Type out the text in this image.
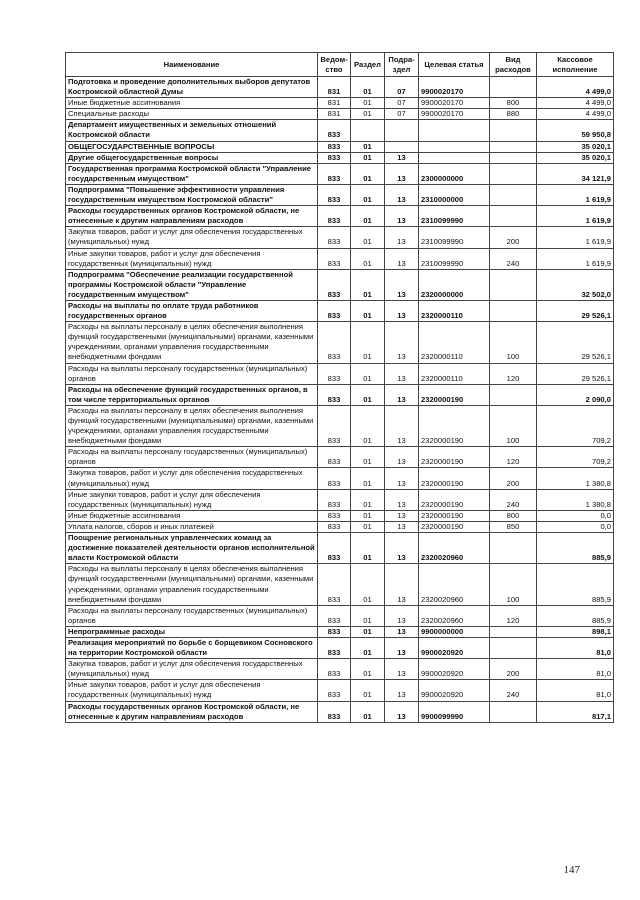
Наименование	Ведом-ство	Раздел	Подра-здел	Целевая статья	Вид расходов	Кассовое исполнение
Подготовка и проведение дополнительных выборов депутатов Костромской областной Думы	831	01	07	9900020170		4 499,0
Иные бюджетные ассигнования	831	01	07	9900020170	800	4 499,0
Специальные расходы	831	01	07	9900020170	880	4 499,0
Департамент имущественных и земельных отношений Костромской области	833					59 950,8
ОБЩЕГОСУДАРСТВЕННЫЕ ВОПРОСЫ	833	01				35 020,1
Другие общегосударственные вопросы	833	01	13			35 020,1
Государственная программа Костромской области "Управление государственным имуществом"	833	01	13	2300000000		34 121,9
Подпрограмма "Повышение эффективности управления государственным имуществом Костромской области"	833	01	13	2310000000		1 619,9
Расходы государственных органов Костромской области, не отнесенные к другим направлениям расходов	833	01	13	2310099990		1 619,9
Закупка товаров, работ и услуг для обеспечения государственных (муниципальных) нужд	833	01	13	2310099990	200	1 619,9
Иные закупки товаров, работ и услуг для обеспечения государственных (муниципальных) нужд	833	01	13	2310099990	240	1 619,9
Подпрограмма "Обеспечение реализации государственной программы Костромской области "Управление государственным имуществом"	833	01	13	2320000000		32 502,0
Расходы на выплаты по оплате труда работников государственных органов	833	01	13	2320000110		29 526,1
Расходы на выплаты персоналу в целях обеспечения выполнения функций государственными (муниципальными) органами, казенными учреждениями, органами управления государственными внебюджетными фондами	833	01	13	2320000110	100	29 526,1
Расходы на выплаты персоналу государственных (муниципальных) органов	833	01	13	2320000110	120	29 526,1
Расходы на обеспечение функций государственных органов, в том числе территориальных органов	833	01	13	2320000190		2 090,0
Расходы на выплаты персоналу в целях обеспечения выполнения функций государственными (муниципальными) органами, казенными учреждениями, органами управления государственными внебюджетными фондами	833	01	13	2320000190	100	709,2
Расходы на выплаты персоналу государственных (муниципальных) органов	833	01	13	2320000190	120	709,2
Закупка товаров, работ и услуг для обеспечения государственных (муниципальных) нужд	833	01	13	2320000190	200	1 380,8
Иные закупки товаров, работ и услуг для обеспечения государственных (муниципальных) нужд	833	01	13	2320000190	240	1 380,8
Иные бюджетные ассигнования	833	01	13	2320000190	800	0,0
Уплата налогов, сборов и иных платежей	833	01	13	2320000190	850	0,0
Поощрение региональных управленческих команд за достижение показателей деятельности органов исполнительной власти Костромской области	833	01	13	2320020960		885,9
Расходы на выплаты персоналу в целях обеспечения выполнения функций государственными (муниципальными) органами, казенными учреждениями, органами управления государственными внебюджетными фондами	833	01	13	2320020960	100	885,9
Расходы на выплаты персоналу государственных (муниципальных) органов	833	01	13	2320020960	120	885,9
Непрограммные расходы	833	01	13	9900000000		898,1
Реализация мероприятий по борьбе с борщевиком Сосновского на территории Костромской области	833	01	13	9900020920		81,0
Закупка товаров, работ и услуг для обеспечения государственных (муниципальных) нужд	833	01	13	9900020920	200	81,0
Иные закупки товаров, работ и услуг для обеспечения государственных (муниципальных) нужд	833	01	13	9900020920	240	81,0
Расходы государственных органов Костромской области, не отнесенные к другим направлениям расходов	833	01	13	9900099990		817,1
147
